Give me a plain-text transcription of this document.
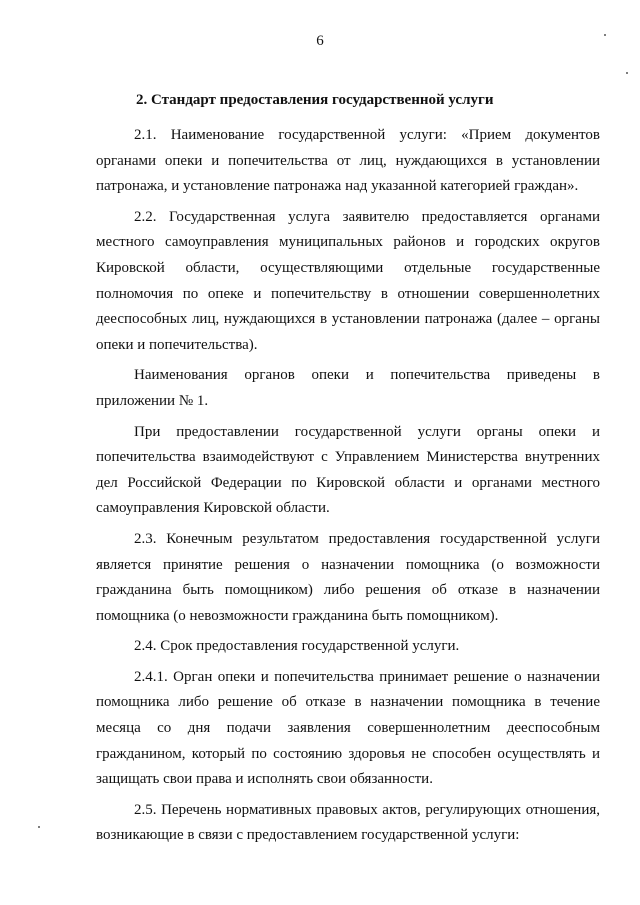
6
2. Стандарт предоставления государственной услуги

2.1. Наименование государственной услуги: «Прием документов органами опеки и попечительства от лиц, нуждающихся в установлении патронажа, и установление патронажа над указанной категорией граждан».

2.2. Государственная услуга заявителю предоставляется органами местного самоуправления муниципальных районов и городских округов Кировской области, осуществляющими отдельные государственные полномочия по опеке и попечительству в отношении совершеннолетних дееспособных лиц, нуждающихся в установлении патронажа (далее – органы опеки и попечительства).

Наименования органов опеки и попечительства приведены в приложении № 1.

При предоставлении государственной услуги органы опеки и попечительства взаимодействуют с Управлением Министерства внутренних дел Российской Федерации по Кировской области и органами местного самоуправления Кировской области.

2.3. Конечным результатом предоставления государственной услуги является принятие решения о назначении помощника (о возможности гражданина быть помощником) либо решения об отказе в назначении помощника (о невозможности гражданина быть помощником).

2.4. Срок предоставления государственной услуги.

2.4.1. Орган опеки и попечительства принимает решение о назначении помощника либо решение об отказе в назначении помощника в течение месяца со дня подачи заявления совершеннолетним дееспособным гражданином, который по состоянию здоровья не способен осуществлять и защищать свои права и исполнять свои обязанности.

2.5. Перечень нормативных правовых актов, регулирующих отношения, возникающие в связи с предоставлением государственной услуги:
